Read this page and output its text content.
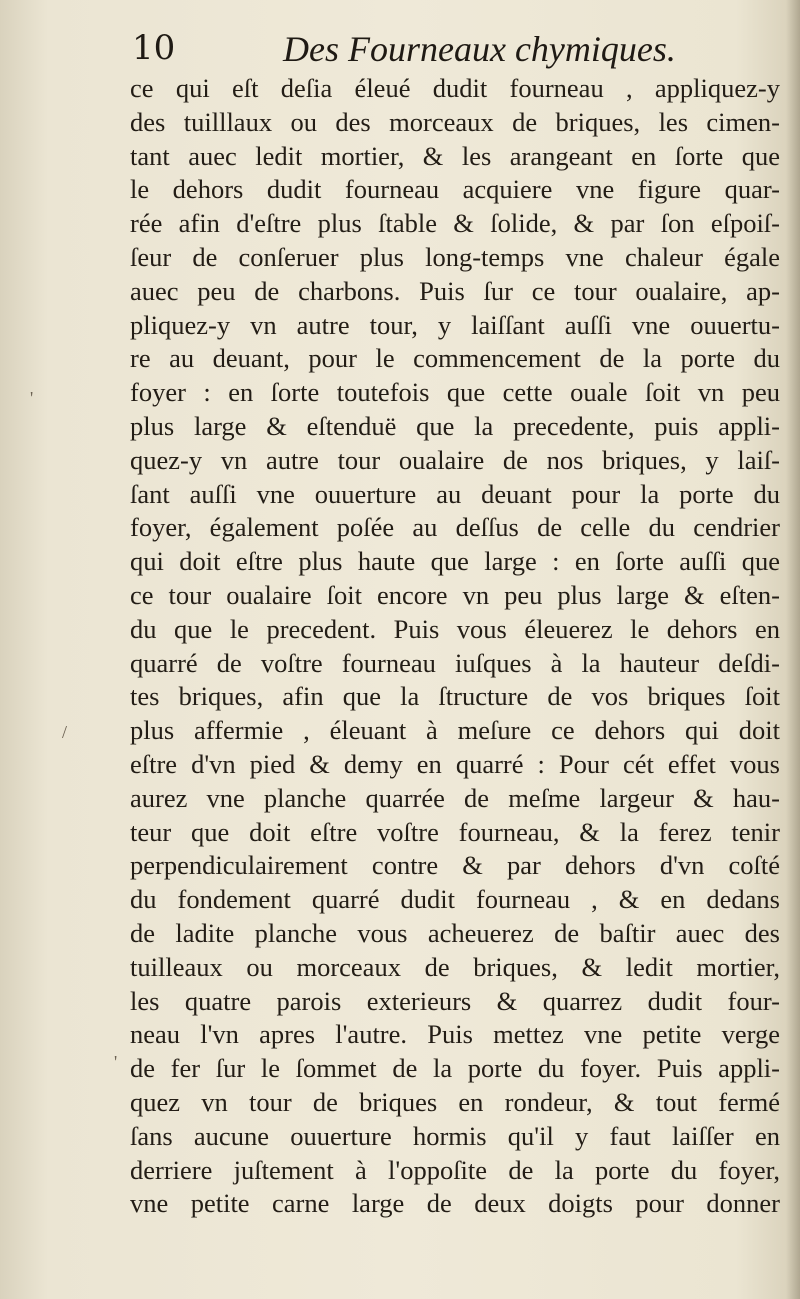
10	Des Fourneaux chymiques.
ce qui eſt deſia éleué dudit fourneau , appliquez-y
des tuilllaux ou des morceaux de briques, les cimen-
tant auec ledit mortier, & les arangeant en ſorte que
le dehors dudit fourneau acquiere vne figure quar-
rée afin d'eſtre plus ſtable & ſolide, & par ſon eſpoiſ-
ſeur de conſeruer plus long-temps vne chaleur égale
auec peu de charbons. Puis ſur ce tour oualaire, ap-
pliquez-y vn autre tour, y laiſſant auſſi vne ouuertu-
re au deuant, pour le commencement de la porte du
foyer : en ſorte toutefois que cette ouale ſoit vn peu
plus large & eſtenduë que la precedente, puis appli-
quez-y vn autre tour oualaire de nos briques, y laiſ-
ſant auſſi vne ouuerture au deuant pour la porte du
foyer, également poſée au deſſus de celle du cendrier
qui doit eſtre plus haute que large : en ſorte auſſi que
ce tour oualaire ſoit encore vn peu plus large & eſten-
du que le precedent. Puis vous éleuerez le dehors en
quarré de voſtre fourneau iuſques à la hauteur deſdi-
tes briques, afin que la ſtructure de vos briques ſoit
plus affermie , éleuant à meſure ce dehors qui doit
eſtre d'vn pied & demy en quarré : Pour cét effet vous
aurez vne planche quarrée de meſme largeur & hau-
teur que doit eſtre voſtre fourneau, & la ferez tenir
perpendiculairement contre & par dehors d'vn coſté
du fondement quarré dudit fourneau , & en dedans
de ladite planche vous acheuerez de baſtir auec des
tuilleaux ou morceaux de briques, & ledit mortier,
les quatre parois exterieurs & quarrez dudit four-
neau l'vn apres l'autre. Puis mettez vne petite verge
de fer ſur le ſommet de la porte du foyer. Puis appli-
quez vn tour de briques en rondeur, & tout fermé
ſans aucune ouuerture hormis qu'il y faut laiſſer en
derriere juſtement à l'oppoſite de la porte du foyer,
vne petite carne large de deux doigts pour donner
'
/
'
